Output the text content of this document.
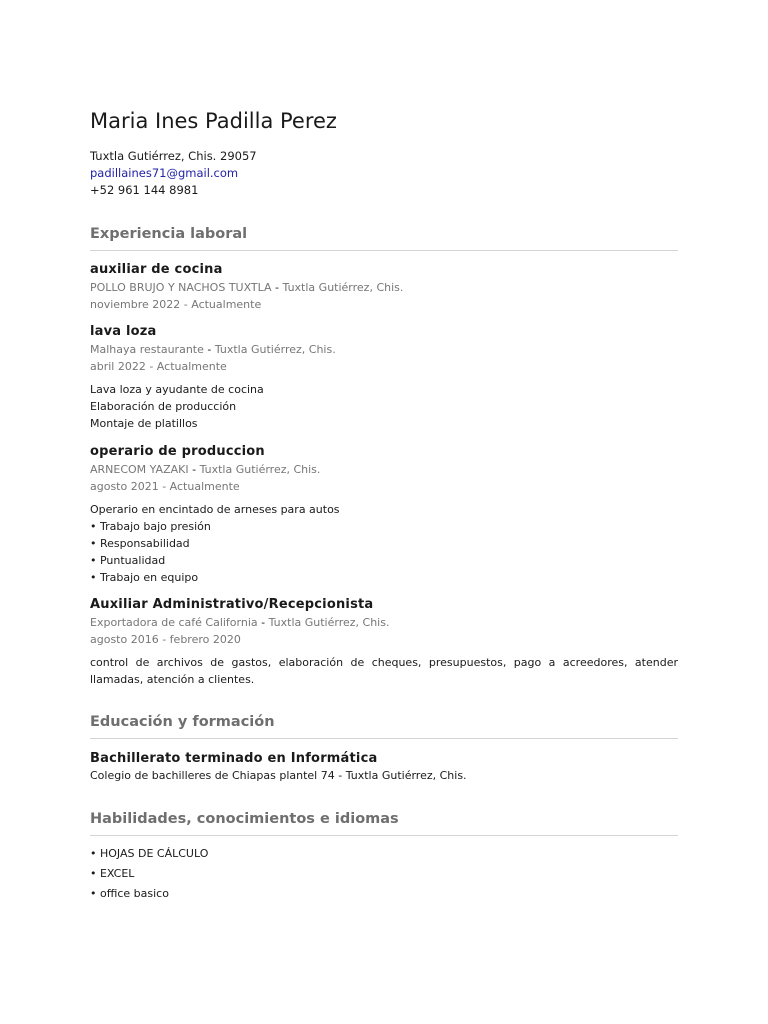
Maria Ines Padilla Perez
Tuxtla Gutiérrez, Chis. 29057
padillaines71@gmail.com
+52 961 144 8981
Experiencia laboral
auxiliar de cocina
POLLO BRUJO Y NACHOS TUXTLA - Tuxtla Gutiérrez, Chis.
noviembre 2022 - Actualmente
lava loza
Malhaya restaurante - Tuxtla Gutiérrez, Chis.
abril 2022 - Actualmente
Lava loza y ayudante de cocina
Elaboración de producción
Montaje de platillos
operario de produccion
ARNECOM YAZAKI - Tuxtla Gutiérrez, Chis.
agosto 2021 - Actualmente
Operario en encintado de arneses para autos
• Trabajo bajo presión
• Responsabilidad
• Puntualidad
• Trabajo en equipo
Auxiliar Administrativo/Recepcionista
Exportadora de café California - Tuxtla Gutiérrez, Chis.
agosto 2016 - febrero 2020
control de archivos de gastos, elaboración de cheques, presupuestos, pago a acreedores, atender llamadas, atención a clientes.
Educación y formación
Bachillerato terminado en Informática
Colegio de bachilleres de Chiapas plantel 74 - Tuxtla Gutiérrez, Chis.
Habilidades, conocimientos e idiomas
• HOJAS DE CÁLCULO
• EXCEL
• office basico
